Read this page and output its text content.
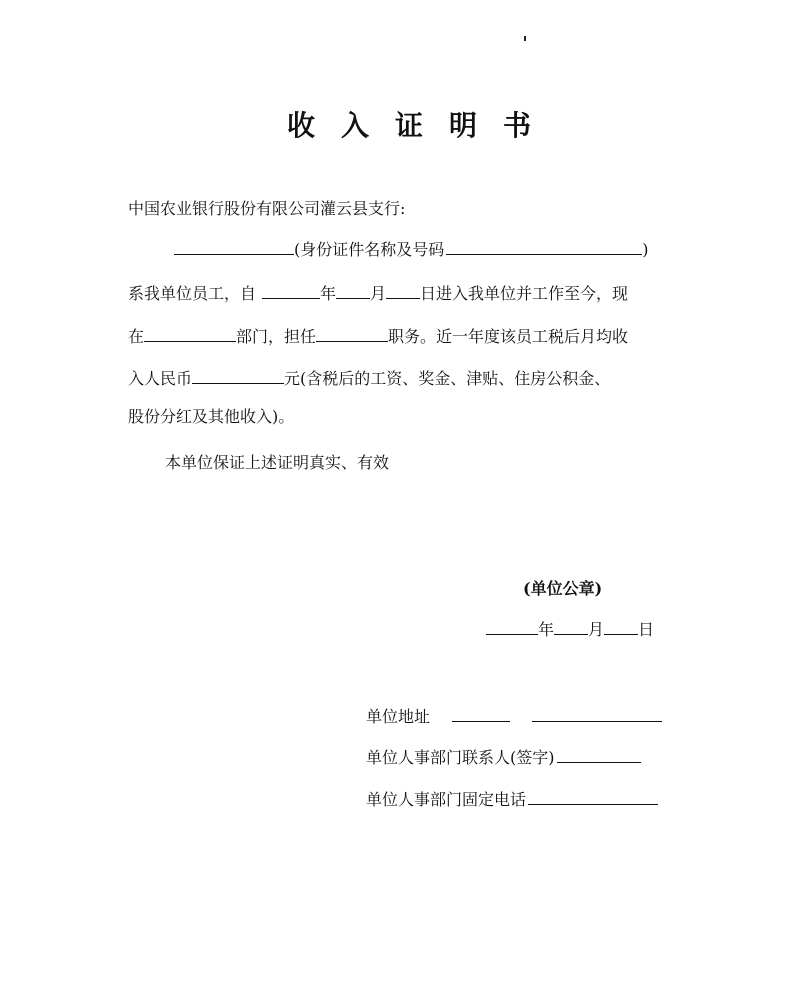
收入证明书
中国农业银行股份有限公司灌云县支行:
(身份证件名称及号码	)
系我单位员工，自	年 月 日进入我单位并工作至今，现
在	部门，担任	职务。近一年度该员工税后月均收
入人民币	元(含税后的工资、奖金、津贴、住房公积金、
股份分红及其他收入)。
本单位保证上述证明真实、有效
(单位公章)
年 月 日
单位地址
单位人事部门联系人(签字)
单位人事部门固定电话
